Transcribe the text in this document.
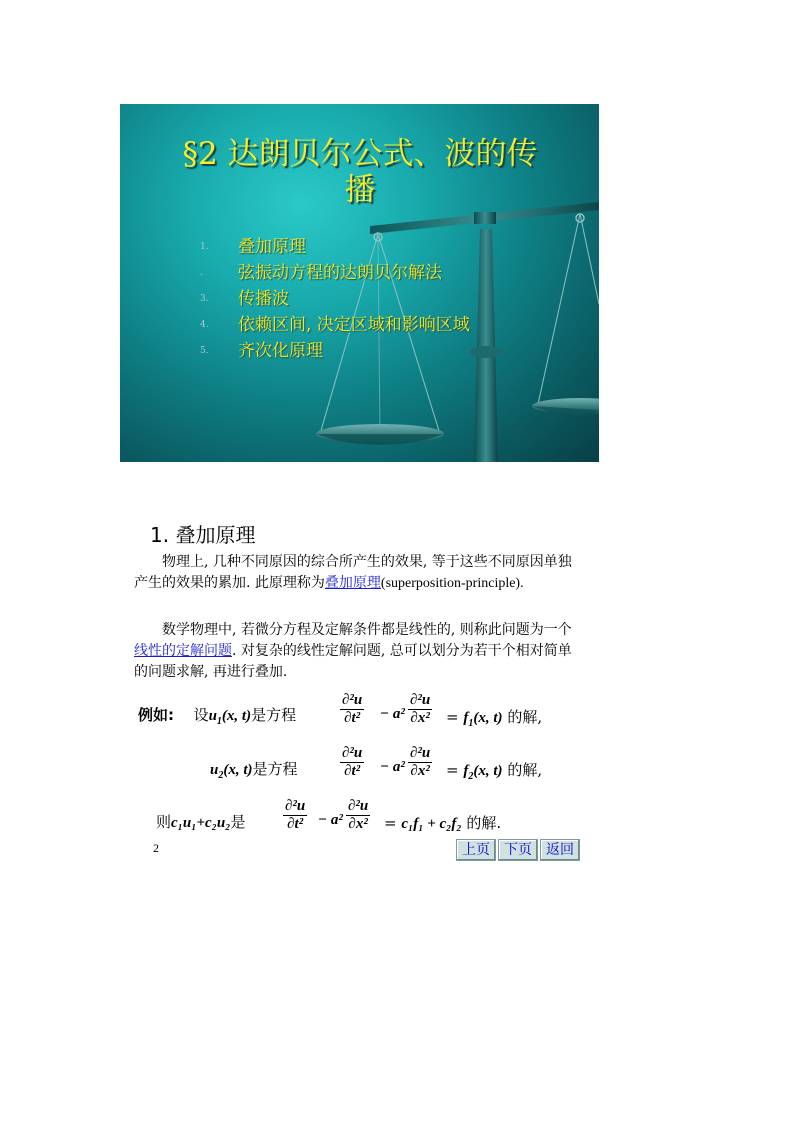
§2 达朗贝尔公式、波的传
播
1.	叠加原理
.	弦振动方程的达朗贝尔解法
3.	传播波
4.	依赖区间, 决定区域和影响区域
5.	齐次化原理
1. 叠加原理
物理上, 几种不同原因的综合所产生的效果, 等于这些不同原因单独产生的效果的累加. 此原理称为叠加原理(superposition-principle).
数学物理中, 若微分方程及定解条件都是线性的, 则称此问题为一个线性的定解问题. 对复杂的线性定解问题, 总可以划分为若干个相对简单的问题求解, 再进行叠加.
例如: 设$u_1(x$, t)是方程	$\frac{\text{∂²u}}{\text{∂t²}} - a^2 \frac{\text{∂²u}}{\text{∂x²}} = f_1(x$, t) 的解,
$u_2(x$, t)是方程	$\frac{\text{∂²u}}{\text{∂t²}} - a^2 \frac{\text{∂²u}}{\text{∂x²}} = f_2(x$, t) 的解,
则c₁u₁+c₂u₂是	$\frac{\text{∂²u}}{\text{∂t²}} - a^2 \frac{\text{∂²u}}{\text{∂x²}} = c_1f_1 + c_2f_2$ 的解.
2	上页	下页	返回
